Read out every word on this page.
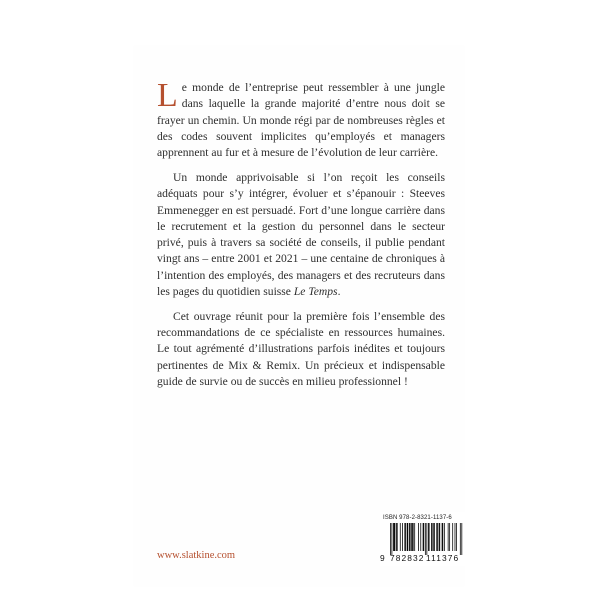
Le monde de l’entreprise peut ressembler à une jungle dans laquelle la grande majorité d’entre nous doit se frayer un chemin. Un monde régi par de nombreuses règles et des codes souvent implicites qu’employés et managers apprennent au fur et à mesure de l’évolution de leur carrière.

Un monde apprivoisable si l’on reçoit les conseils adéquats pour s’y intégrer, évoluer et s’épanouir : Steeves Emmenegger en est persuadé. Fort d’une longue carrière dans le recrutement et la gestion du personnel dans le secteur privé, puis à travers sa société de conseils, il publie pendant vingt ans – entre 2001 et 2021 – une centaine de chroniques à l’intention des employés, des managers et des recruteurs dans les pages du quotidien suisse Le Temps.

Cet ouvrage réunit pour la première fois l’ensemble des recommandations de ce spécialiste en ressources humaines. Le tout agrémenté d’illustrations parfois inédites et toujours pertinentes de Mix & Remix. Un précieux et indispensable guide de survie ou de succès en milieu professionnel !

ISBN 978-2-8321-1137-6
9 782832 111376
www.slatkine.com
